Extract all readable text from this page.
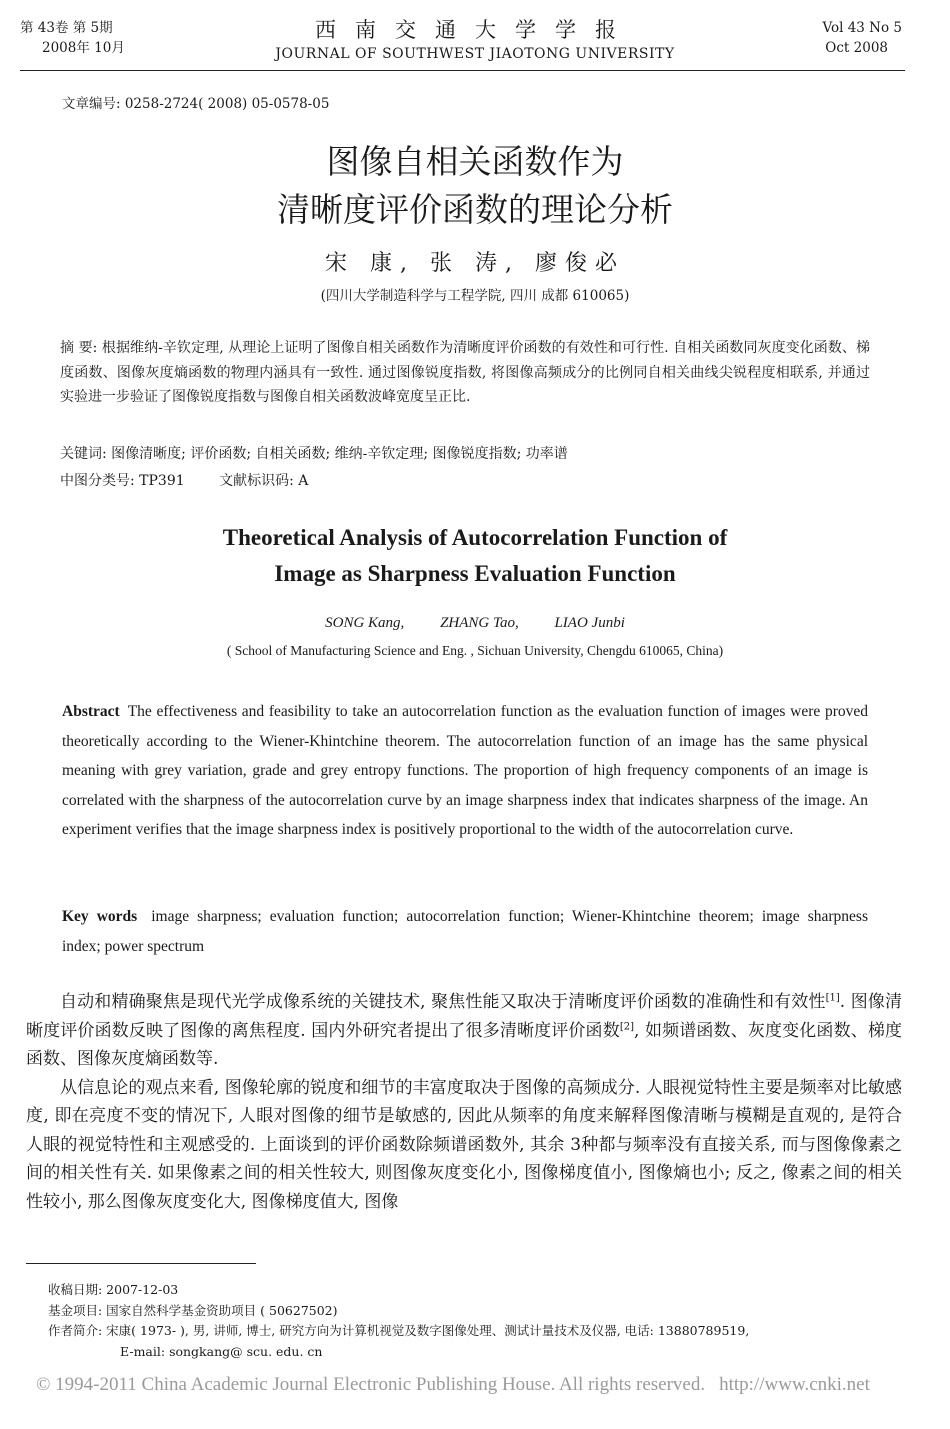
第 43卷 第 5期
2008年 10月
西南交通大学学报
JOURNAL OF SOUTHWEST JIAOTONG UNIVERSITY
Vol 43 No 5
Oct 2008
文章编号: 0258-2724( 2008) 05-0578-05
图像自相关函数作为
清晰度评价函数的理论分析
宋 康, 张 涛, 廖俊必
(四川大学制造科学与工程学院, 四川 成都 610065)
摘 要: 根据维纳-辛钦定理, 从理论上证明了图像自相关函数作为清晰度评价函数的有效性和可行性. 自相关函数同灰度变化函数、梯度函数、图像灰度熵函数的物理内涵具有一致性. 通过图像锐度指数, 将图像高频成分的比例同自相关曲线尖锐程度相联系, 并通过实验进一步验证了图像锐度指数与图像自相关函数波峰宽度呈正比.
关键词: 图像清晰度; 评价函数; 自相关函数; 维纳-辛钦定理; 图像锐度指数; 功率谱
中图分类号: TP391 文献标识码: A
Theoretical Analysis of Autocorrelation Function of
Image as Sharpness Evaluation Function
SONG Kang, ZHANG Tao, LIAO Junbi
( School of Manufacturing Science and Eng. , Sichuan University, Chengdu 610065, China)
Abstract The effectiveness and feasibility to take an autocorrelation function as the evaluation function of images were proved theoretically according to the Wiener-Khintchine theorem. The autocorrelation function of an image has the same physical meaning with grey variation, grade and grey entropy functions. The proportion of high frequency components of an image is correlated with the sharpness of the autocorrelation curve by an image sharpness index that indicates sharpness of the image. An experiment verifies that the image sharpness index is positively proportional to the width of the autocorrelation curve.
Key words image sharpness; evaluation function; autocorrelation function; Wiener-Khintchine theorem; image sharpness index; power spectrum

自动和精确聚焦是现代光学成像系统的关键技术, 聚焦性能又取决于清晰度评价函数的准确性和有效性[1]. 图像清晰度评价函数反映了图像的离焦程度. 国内外研究者提出了很多清晰度评价函数[2], 如频谱函数、灰度变化函数、梯度函数、图像灰度熵函数等.

从信息论的观点来看, 图像轮廓的锐度和细节的丰富度取决于图像的高频成分. 人眼视觉特性主要是频率对比敏感度, 即在亮度不变的情况下, 人眼对图像的细节是敏感的, 因此从频率的角度来解释图像清晰与模糊是直观的, 是符合人眼的视觉特性和主观感受的. 上面谈到的评价函数除频谱函数外, 其余 3种都与频率没有直接关系, 而与图像像素之间的相关性有关. 如果像素之间的相关性较大, 则图像灰度变化小, 图像梯度值小, 图像熵也小; 反之, 像素之间的相关性较小, 那么图像灰度变化大, 图像梯度值大, 图像

收稿日期: 2007-12-03
基金项目: 国家自然科学基金资助项目 ( 50627502)
作者简介: 宋康( 1973- ), 男, 讲师, 博士, 研究方向为计算机视觉及数字图像处理、测试计量技术及仪器, 电话: 13880789519,
E-mail: songkang@ scu. edu. cn
© 1994-2011 China Academic Journal Electronic Publishing House. All rights reserved. http://www.cnki.net
